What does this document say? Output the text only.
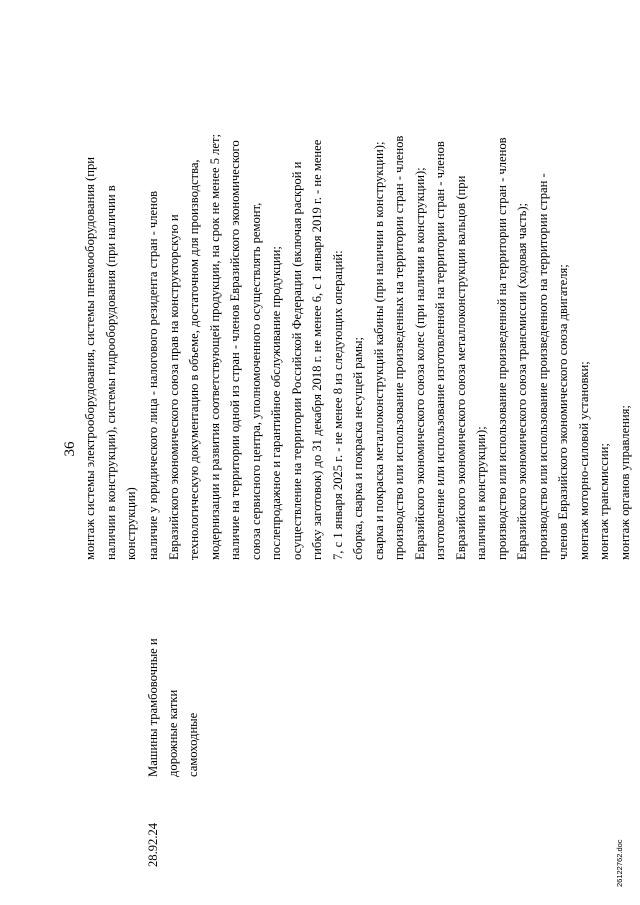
36 монтаж системы электрооборудования, системы пневмооборудования (при наличии в конструкции), системы гидрооборудования (при наличии в конструкции)
28.92.24
Машины трамбовочные и дорожные катки самоходные
наличие у юридического лица - налогового резидента стран - членов Евразийского экономического союза прав на конструкторскую и технологическую документацию в объеме, достаточном для производства, модернизации и развития соответствующей продукции, на срок не менее 5 лет; наличие на территории одной из стран - членов Евразийского экономического союза сервисного центра, уполномоченного осуществлять ремонт, послепродажное и гарантийное обслуживание продукции; осуществление на территории Российской Федерации (включая раскрой и гибку заготовок) до 31 декабря 2018 г. не менее 6, с 1 января 2019 г. - не менее 7, с 1 января 2025 г. - не менее 8 из следующих операций: сборка, сварка и покраска несущей рамы; сварка и покраска металлоконструкций кабины (при наличии в конструкции); производство или использование произведенных на территории стран - членов Евразийского экономического союза колес (при наличии в конструкции); изготовление или использование изготовленной на территории стран - членов Евразийского экономического союза металлоконструкции вальцов (при наличии в конструкции); производство или использование произведенной на территории стран - членов Евразийского экономического союза трансмиссии (ходовая часть); производство или использование произведенного на территории стран - членов Евразийского экономического союза двигателя; монтаж моторно-силовой установки; монтаж трансмиссии; монтаж органов управления;
26122762.doc
